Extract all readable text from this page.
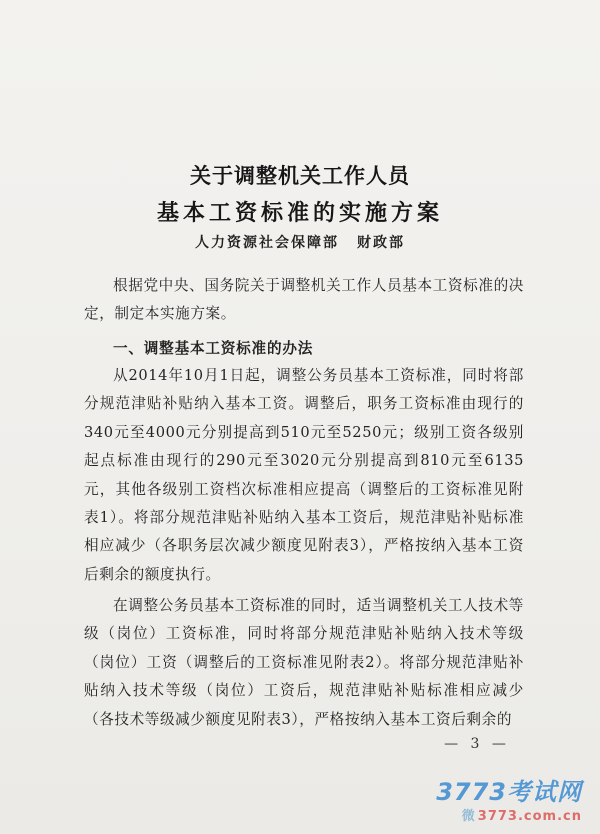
关于调整机关工作人员
基本工资标准的实施方案
人力资源社会保障部 财政部

根据党中央、国务院关于调整机关工作人员基本工资标准的决定，制定本实施方案。

一、调整基本工资标准的办法

从2014年10月1日起，调整公务员基本工资标准，同时将部分规范津贴补贴纳入基本工资。调整后，职务工资标准由现行的340元至4000元分别提高到510元至5250元；级别工资各级别起点标准由现行的290元至3020元分别提高到810元至6135元，其他各级别工资档次标准相应提高（调整后的工资标准见附表1）。将部分规范津贴补贴纳入基本工资后，规范津贴补贴标准相应减少（各职务层次减少额度见附表3），严格按纳入基本工资后剩余的额度执行。

在调整公务员基本工资标准的同时，适当调整机关工人技术等级（岗位）工资标准，同时将部分规范津贴补贴纳入技术等级（岗位）工资（调整后的工资标准见附表2）。将部分规范津贴补贴纳入技术等级（岗位）工资后，规范津贴补贴标准相应减少（各技术等级减少额度见附表3），严格按纳入基本工资后剩余的

— 3 —
3773考试网
微 3773.com.cn
